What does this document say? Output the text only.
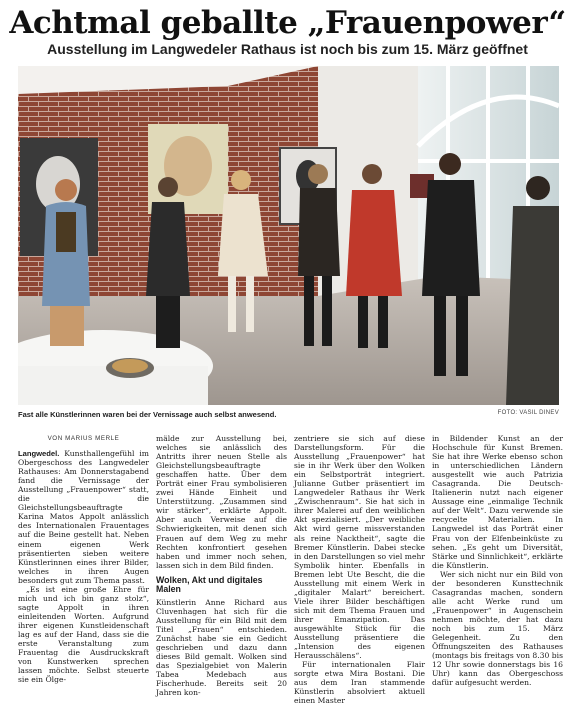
Achtmal geballte „Frauenpower“
Ausstellung im Langwedeler Rathaus ist noch bis zum 15. März geöffnet
Fast alle Künstlerinnen waren bei der Vernissage auch selbst anwesend.	FOTO: VASIL DINEV
VON MARIUS MERLE

Langwedel. Kunsthallengefühl im Obergeschoss des Langwedeler Rathauses: Am Donnerstagabend fand die Vernissage der Ausstellung „Frauenpower“ statt, die die Gleichstellungsbeauftragte Karina Matos Appolt anlässlich des Internationalen Frauentages auf die Beine gestellt hat. Neben einem eigenen Werk präsentierten sieben weitere Künstlerinnen eines ihrer Bilder, welches in ihren Augen besonders gut zum Thema passt.

„Es ist eine große Ehre für mich und ich bin ganz stolz“, sagte Appolt in ihren einleitenden Worten. Aufgrund ihrer eigenen Kunstleidenschaft lag es auf der Hand, dass sie die erste Veranstaltung zum Frauentag die Ausdruckskraft von Kunstwerken sprechen lassen möchte. Selbst steuerte sie ein Ölge-

mälde zur Ausstellung bei, welches sie anlässlich des Antritts ihrer neuen Stelle als Gleichstellungsbeauftragte geschaffen hatte. Über dem Porträt einer Frau symbolisieren zwei Hände Einheit und Unterstützung. „Zusammen sind wir stärker“, erklärte Appolt. Aber auch Verweise auf die Schwierigkeiten, mit denen sich Frauen auf dem Weg zu mehr Rechten konfrontiert gesehen haben und immer noch sehen, lassen sich in dem Bild finden.

Wolken, Akt und digitales Malen

Künstlerin Anne Richard aus Cluvenhagen hat sich für die Ausstellung für ein Bild mit dem Titel „Frauen“ entschieden. Zunächst habe sie ein Gedicht geschrieben und dazu dann dieses Bild gemalt. Wolken sind das Spezialgebiet von Malerin Tabea Medebach aus Fischerhude. Bereits seit 20 Jahren kon-

zentriere sie sich auf diese Darstellungsform. Für die Ausstellung „Frauenpower“ hat sie in ihr Werk über den Wolken ein Selbstporträt integriert. Julianne Gutber präsentiert im Langwedeler Rathaus ihr Werk „Zwischenraum“. Sie hat sich in ihrer Malerei auf den weiblichen Akt spezialisiert. „Der weibliche Akt wird gerne missverstanden als reine Nacktheit“, sagte die Bremer Künstlerin. Dabei stecke in den Darstellungen so viel mehr Symbolik hinter. Ebenfalls in Bremen lebt Ute Bescht, die die Ausstellung mit einem Werk in „digitaler Malart“ bereichert. Viele ihrer Bilder beschäftigen sich mit dem Thema Frauen und ihrer Emanzipation. Das ausgewählte Stück für die Ausstellung präsentiere die „Intension des eigenen Herausschälens“.

Für internationalen Flair sorgte etwa Mira Bostani. Die aus dem Iran stammende Künstlerin absolviert aktuell einen Master

in Bildender Kunst an der Hochschule für Kunst Bremen. Sie hat ihre Werke ebenso schon in unterschiedlichen Ländern ausgestellt wie auch Patrizia Casagranda. Die Deutsch-Italienerin nutzt nach eigener Aussage eine „einmalige Technik auf der Welt“. Dazu verwende sie recycelte Materialien. In Langwedel ist das Porträt einer Frau von der Elfenbeinküste zu sehen. „Es geht um Diversität, Stärke und Sinnlichkeit“, erklärte die Künstlerin.

Wer sich nicht nur ein Bild von der besonderen Kunsttechnik Casagrandas machen, sondern alle acht Werke rund um „Frauenpower“ in Augenschein nehmen möchte, der hat dazu noch bis zum 15. März Gelegenheit. Zu den Öffnungszeiten des Rathauses (montags bis freitags von 8.30 bis 12 Uhr sowie donnerstags bis 16 Uhr) kann das Obergeschoss dafür aufgesucht werden.
